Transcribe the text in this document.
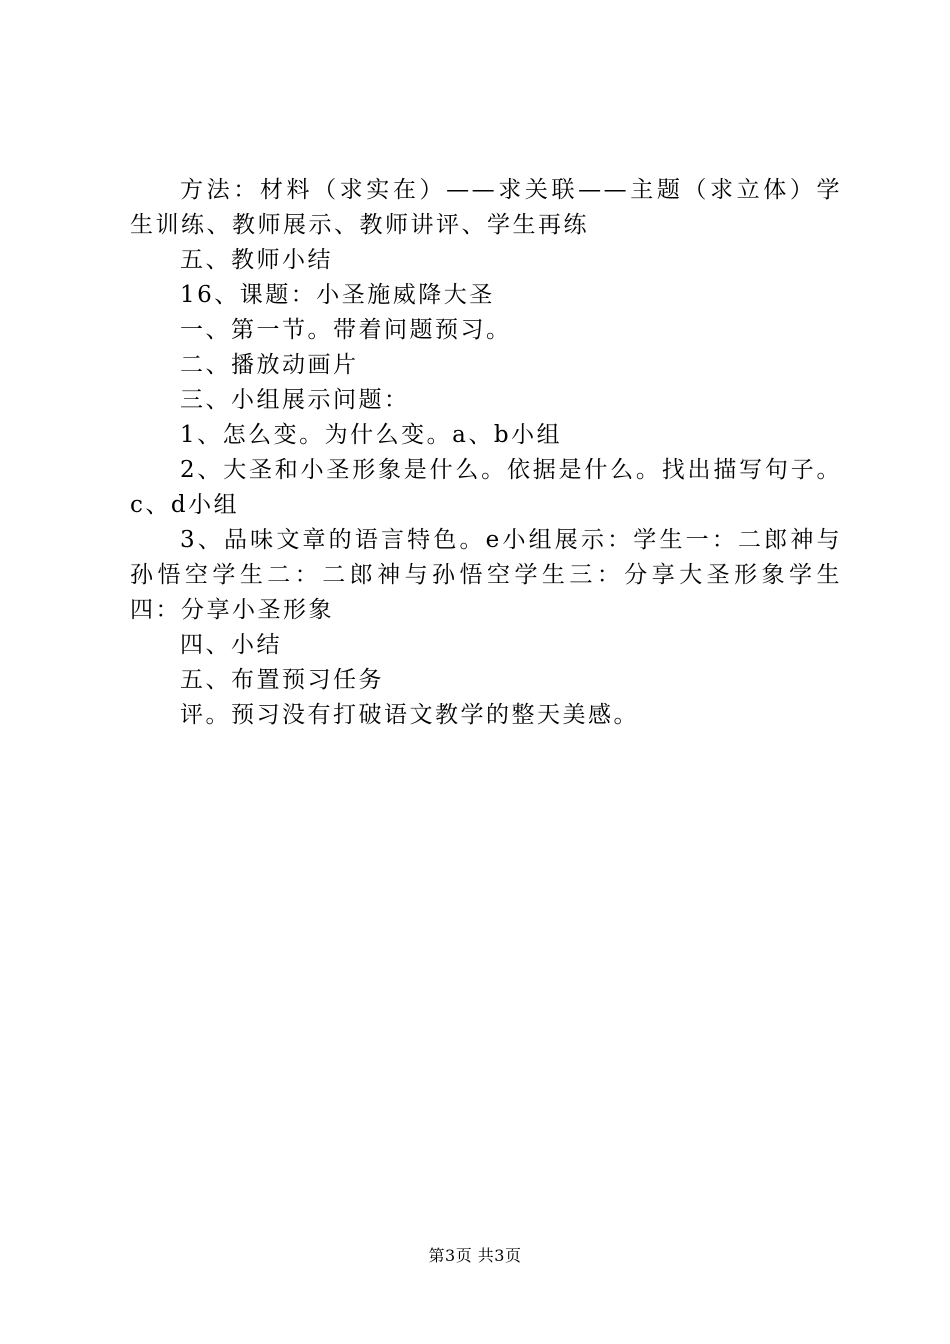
方法：材料（求实在）——求关联——主题（求立体）学生训练、教师展示、教师讲评、学生再练

五、教师小结

16、课题：小圣施威降大圣

一、第一节。带着问题预习。

二、播放动画片

三、小组展示问题：

1、怎么变。为什么变。a、b小组

2、大圣和小圣形象是什么。依据是什么。找出描写句子。c、d小组

3、品味文章的语言特色。e小组展示：学生一：二郎神与孙悟空学生二：二郎神与孙悟空学生三：分享大圣形象学生四：分享小圣形象

四、小结

五、布置预习任务

评。预习没有打破语文教学的整天美感。

第3页 共3页
